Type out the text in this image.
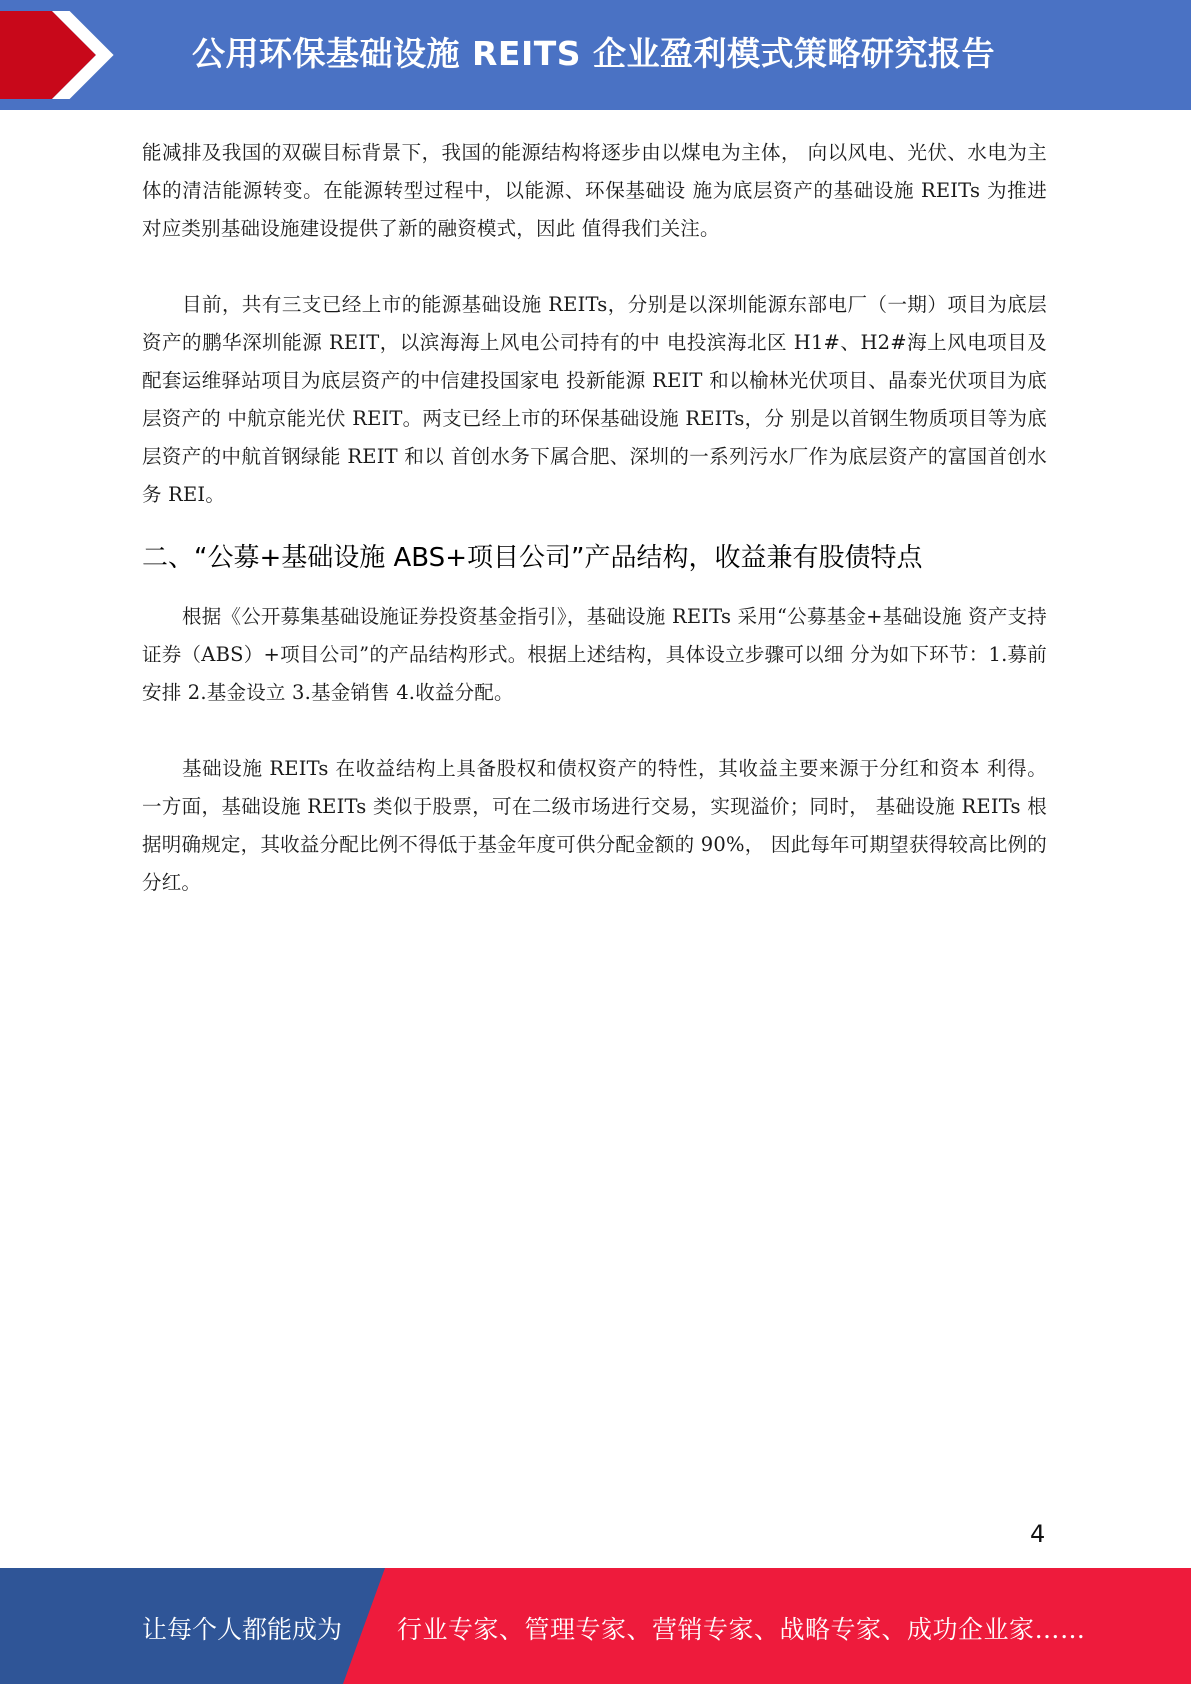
公用环保基础设施 REITS 企业盈利模式策略研究报告

能减排及我国的双碳目标背景下，我国的能源结构将逐步由以煤电为主体， 向以风电、光伏、水电为主体的清洁能源转变。在能源转型过程中，以能源、环保基础设 施为底层资产的基础设施 REITs 为推进对应类别基础设施建设提供了新的融资模式，因此 值得我们关注。

目前，共有三支已经上市的能源基础设施 REITs，分别是以深圳能源东部电厂（一期）项目为底层资产的鹏华深圳能源 REIT，以滨海海上风电公司持有的中 电投滨海北区 H1#、H2#海上风电项目及配套运维驿站项目为底层资产的中信建投国家电 投新能源 REIT 和以榆林光伏项目、晶泰光伏项目为底层资产的 中航京能光伏 REIT。两支已经上市的环保基础设施 REITs，分 别是以首钢生物质项目等为底层资产的中航首钢绿能 REIT 和以 首创水务下属合肥、深圳的一系列污水厂作为底层资产的富国首创水务 REI。

二、“公募+基础设施 ABS+项目公司”产品结构，收益兼有股债特点

根据《公开募集基础设施证券投资基金指引》，基础设施 REITs 采用“公募基金+基础设施 资产支持证券（ABS）+项目公司”的产品结构形式。根据上述结构，具体设立步骤可以细 分为如下环节：1.募前安排 2.基金设立 3.基金销售 4.收益分配。

基础设施 REITs 在收益结构上具备股权和债权资产的特性，其收益主要来源于分红和资本 利得。一方面，基础设施 REITs 类似于股票，可在二级市场进行交易，实现溢价；同时， 基础设施 REITs 根据明确规定，其收益分配比例不得低于基金年度可供分配金额的 90%， 因此每年可期望获得较高比例的分红。

4
让每个人都能成为 行业专家、管理专家、营销专家、战略专家、成功企业家……
